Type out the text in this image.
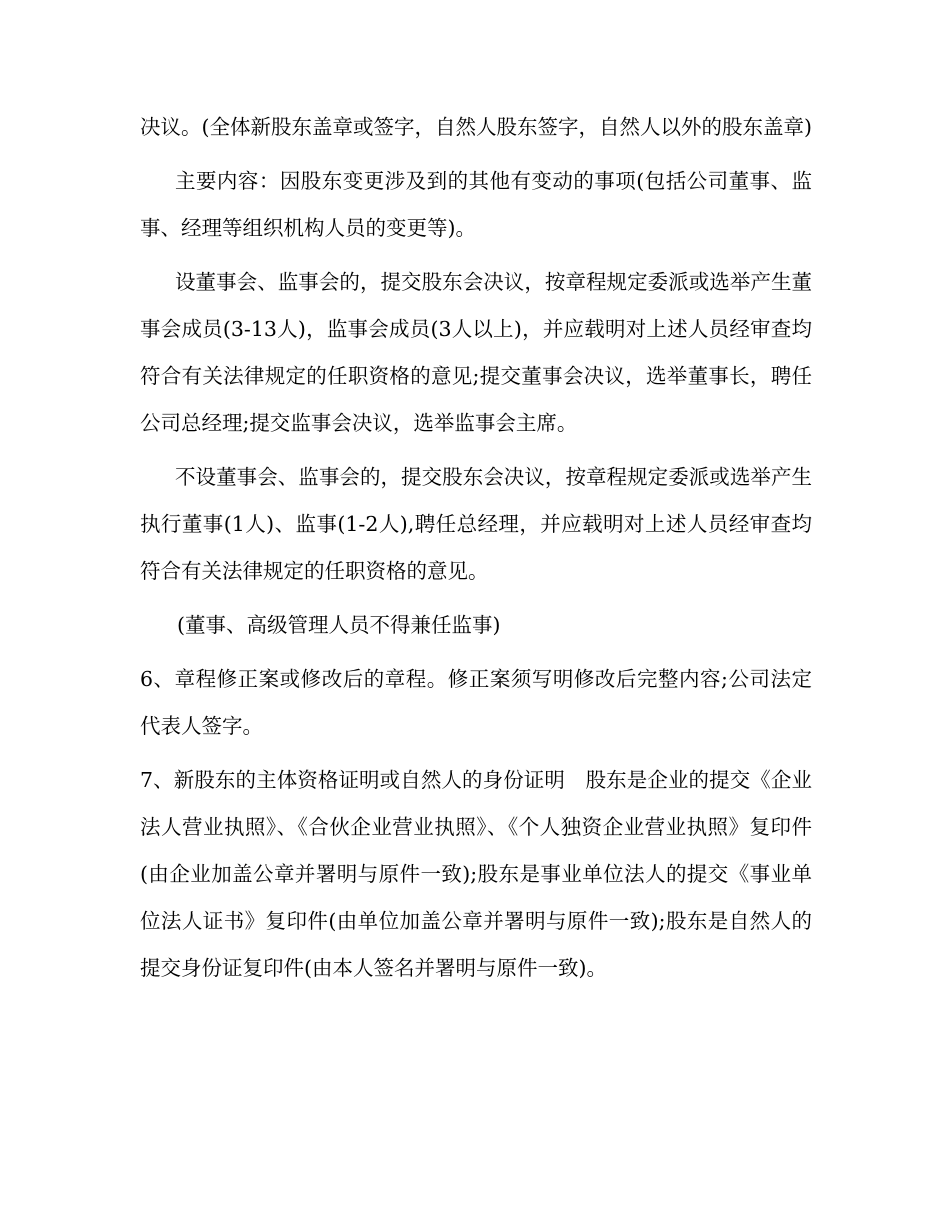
决议。(全体新股东盖章或签字，自然人股东签字，自然人以外的股东盖章)

主要内容：因股东变更涉及到的其他有变动的事项(包括公司董事、监事、经理等组织机构人员的变更等)。

设董事会、监事会的，提交股东会决议，按章程规定委派或选举产生董事会成员(3-13人)，监事会成员(3人以上)，并应载明对上述人员经审查均符合有关法律规定的任职资格的意见;提交董事会决议，选举董事长，聘任公司总经理;提交监事会决议，选举监事会主席。

不设董事会、监事会的，提交股东会决议，按章程规定委派或选举产生执行董事(1人)、监事(1-2人),聘任总经理，并应载明对上述人员经审查均符合有关法律规定的任职资格的意见。

(董事、高级管理人员不得兼任监事)

6、章程修正案或修改后的章程。修正案须写明修改后完整内容;公司法定代表人签字。

7、新股东的主体资格证明或自然人的身份证明　股东是企业的提交《企业法人营业执照》、《合伙企业营业执照》、《个人独资企业营业执照》复印件(由企业加盖公章并署明与原件一致);股东是事业单位法人的提交《事业单位法人证书》复印件(由单位加盖公章并署明与原件一致);股东是自然人的提交身份证复印件(由本人签名并署明与原件一致)。
